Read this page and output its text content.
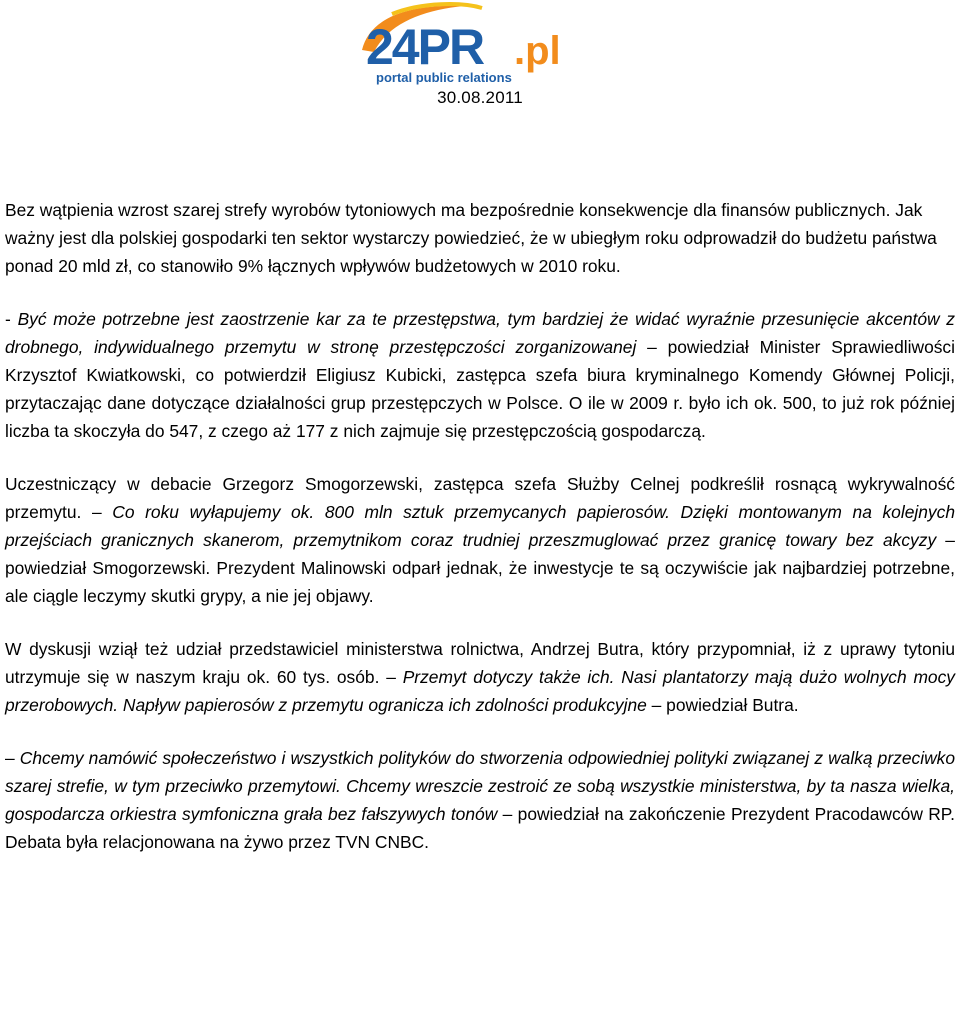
24PR .pl
portal public relations
30.08.2011

Bez wątpienia wzrost szarej strefy wyrobów tytoniowych ma bezpośrednie konsekwencje dla finansów publicznych. Jak ważny jest dla polskiej gospodarki ten sektor wystarczy powiedzieć, że w ubiegłym roku odprowadził do budżetu państwa ponad 20 mld zł, co stanowiło 9% łącznych wpływów budżetowych w 2010 roku.

- Być może potrzebne jest zaostrzenie kar za te przestępstwa, tym bardziej że widać wyraźnie przesunięcie akcentów z drobnego, indywidualnego przemytu w stronę przestępczości zorganizowanej – powiedział Minister Sprawiedliwości Krzysztof Kwiatkowski, co potwierdził Eligiusz Kubicki, zastępca szefa biura kryminalnego Komendy Głównej Policji, przytaczając dane dotyczące działalności grup przestępczych w Polsce. O ile w 2009 r. było ich ok. 500, to już rok później liczba ta skoczyła do 547, z czego aż 177 z nich zajmuje się przestępczością gospodarczą.

Uczestniczący w debacie Grzegorz Smogorzewski, zastępca szefa Służby Celnej podkreślił rosnącą wykrywalność przemytu. – Co roku wyłapujemy ok. 800 mln sztuk przemycanych papierosów. Dzięki montowanym na kolejnych przejściach granicznych skanerom, przemytnikom coraz trudniej przeszmuglować przez granicę towary bez akcyzy – powiedział Smogorzewski. Prezydent Malinowski odparł jednak, że inwestycje te są oczywiście jak najbardziej potrzebne, ale ciągle leczymy skutki grypy, a nie jej objawy.

W dyskusji wziął też udział przedstawiciel ministerstwa rolnictwa, Andrzej Butra, który przypomniał, iż z uprawy tytoniu utrzymuje się w naszym kraju ok. 60 tys. osób. – Przemyt dotyczy także ich. Nasi plantatorzy mają dużo wolnych mocy przerobowych. Napływ papierosów z przemytu ogranicza ich zdolności produkcyjne – powiedział Butra.

– Chcemy namówić społeczeństwo i wszystkich polityków do stworzenia odpowiedniej polityki związanej z walką przeciwko szarej strefie, w tym przeciwko przemytowi. Chcemy wreszcie zestroić ze sobą wszystkie ministerstwa, by ta nasza wielka, gospodarcza orkiestra symfoniczna grała bez fałszywych tonów – powiedział na zakończenie Prezydent Pracodawców RP. Debata była relacjonowana na żywo przez TVN CNBC.
